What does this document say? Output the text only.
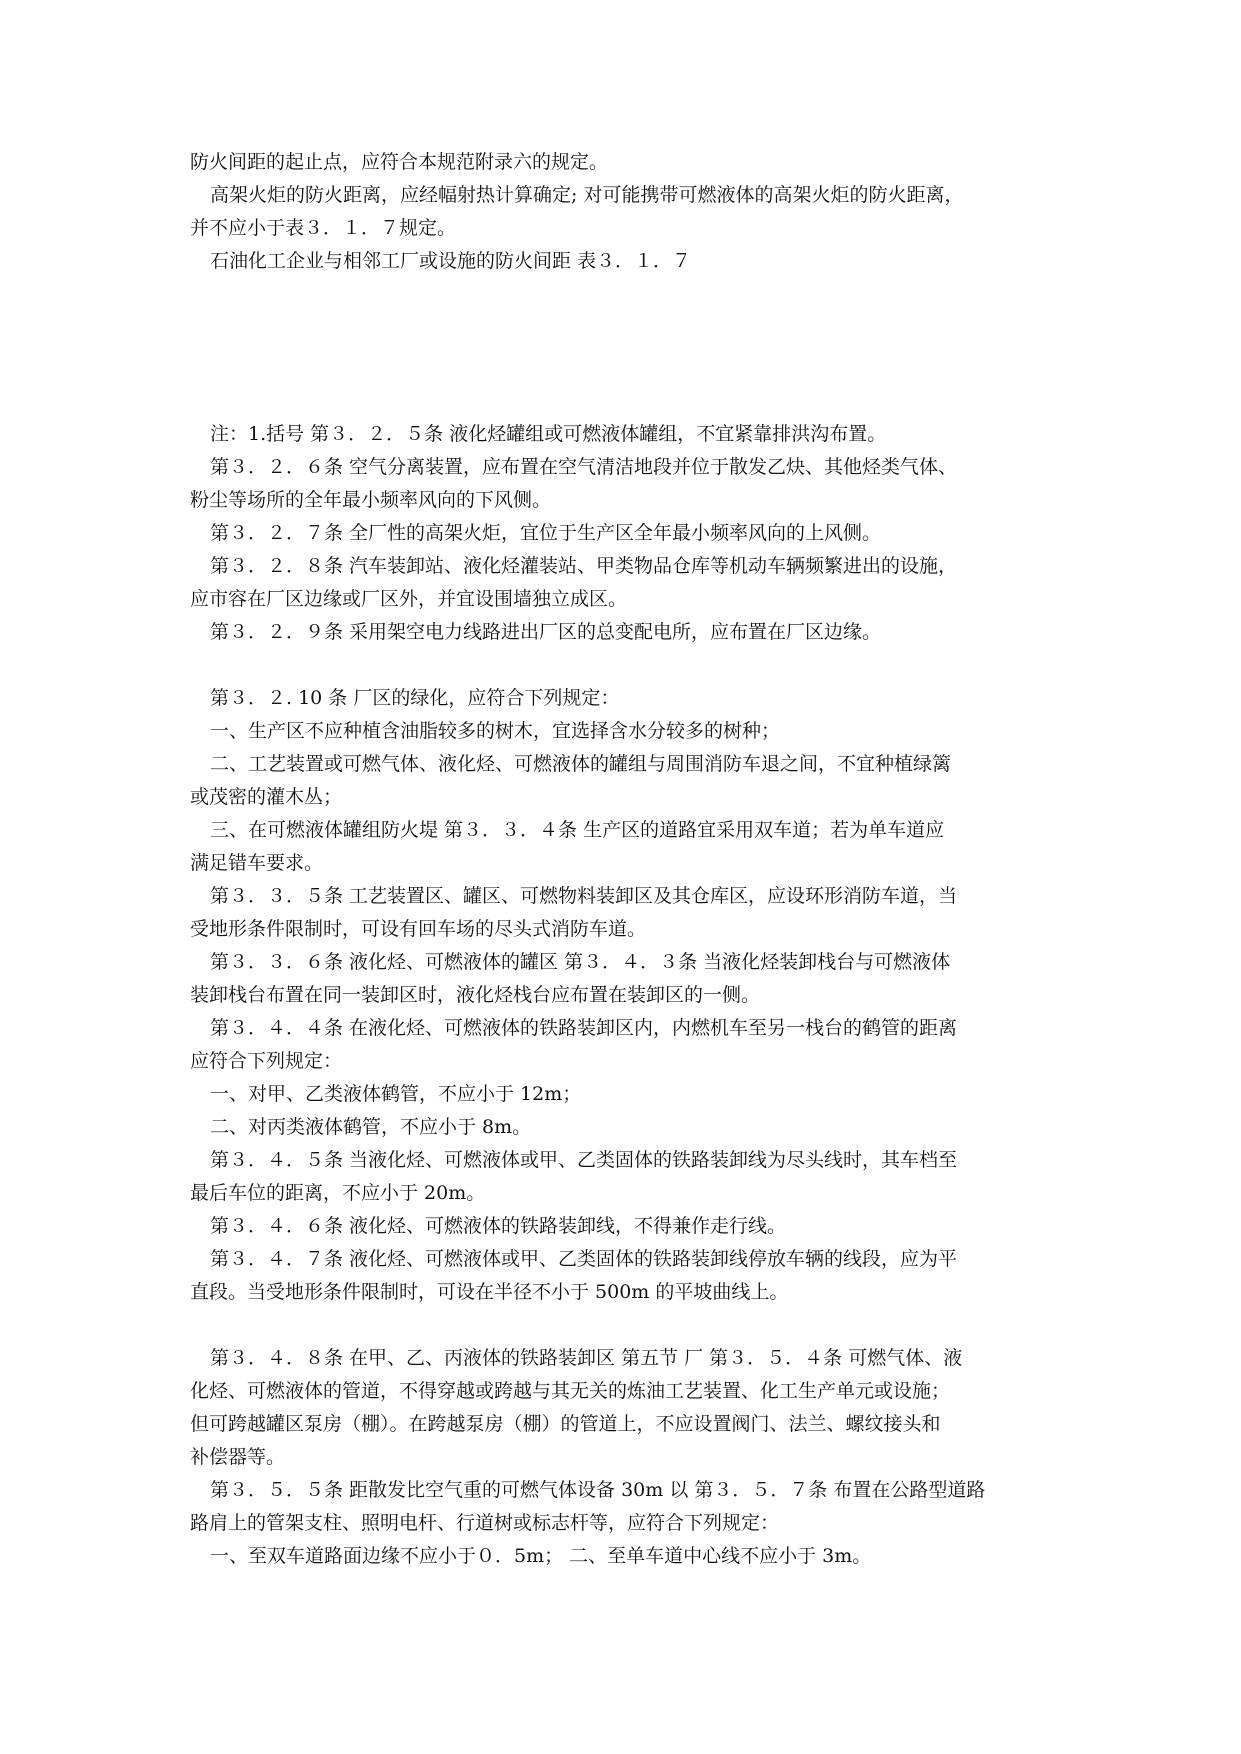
防火间距的起止点，应符合本规范附录六的规定。

高架火炬的防火距离，应经幅射热计算确定; 对可能携带可燃液体的高架火炬的防火距离，

并不应小于表３．１．７规定。

石油化工企业与相邻工厂或设施的防火间距 表３．１．７

注：1.括号 第３．２．５条 液化烃罐组或可燃液体罐组，不宜紧靠排洪沟布置。

第３．２．６条 空气分离装置，应布置在空气清洁地段并位于散发乙炔、其他烃类气体、

粉尘等场所的全年最小频率风向的下风侧。

第３．２．７条 全厂性的高架火炬，宜位于生产区全年最小频率风向的上风侧。

第３．２．８条 汽车装卸站、液化烃灌装站、甲类物品仓库等机动车辆频繁进出的设施，

应市容在厂区边缘或厂区外，并宜设围墙独立成区。

第３．２．９条 采用架空电力线路进出厂区的总变配电所，应布置在厂区边缘。

第３．２. 10 条 厂区的绿化，应符合下列规定：

一、生产区不应种植含油脂较多的树木，宜选择含水分较多的树种；

二、工艺装置或可燃气体、液化烃、可燃液体的罐组与周围消防车退之间，不宜种植绿篱

或茂密的灌木丛；

三、在可燃液体罐组防火堤 第３．３．４条 生产区的道路宜采用双车道；若为单车道应

满足错车要求。

第３．３．５条 工艺装置区、罐区、可燃物料装卸区及其仓库区，应设环形消防车道，当

受地形条件限制时，可设有回车场的尽头式消防车道。

第３．３．６条 液化烃、可燃液体的罐区 第３．４．３条 当液化烃装卸栈台与可燃液体

装卸栈台布置在同一装卸区时，液化烃栈台应布置在装卸区的一侧。

第３．４．４条 在液化烃、可燃液体的铁路装卸区内，内燃机车至另一栈台的鹤管的距离

应符合下列规定：

一、对甲、乙类液体鹤管，不应小于 12m；

二、对丙类液体鹤管，不应小于 8m。

第３．４．５条 当液化烃、可燃液体或甲、乙类固体的铁路装卸线为尽头线时，其车档至

最后车位的距离，不应小于 20m。

第３．４．６条 液化烃、可燃液体的铁路装卸线，不得兼作走行线。

第３．４．７条 液化烃、可燃液体或甲、乙类固体的铁路装卸线停放车辆的线段，应为平

直段。当受地形条件限制时，可设在半径不小于 500m 的平坡曲线上。

第３．４．８条 在甲、乙、丙液体的铁路装卸区 第五节 厂 第３．５．４条 可燃气体、液

化烃、可燃液体的管道，不得穿越或跨越与其无关的炼油工艺装置、化工生产单元或设施；

但可跨越罐区泵房（棚）。在跨越泵房（棚）的管道上，不应设置阀门、法兰、螺纹接头和

补偿器等。

第３．５．５条 距散发比空气重的可燃气体设备 30m 以 第３．５．７条 布置在公路型道路

路肩上的管架支柱、照明电杆、行道树或标志杆等，应符合下列规定：

一、至双车道路面边缘不应小于０．5m； 二、至单车道中心线不应小于 3m。
